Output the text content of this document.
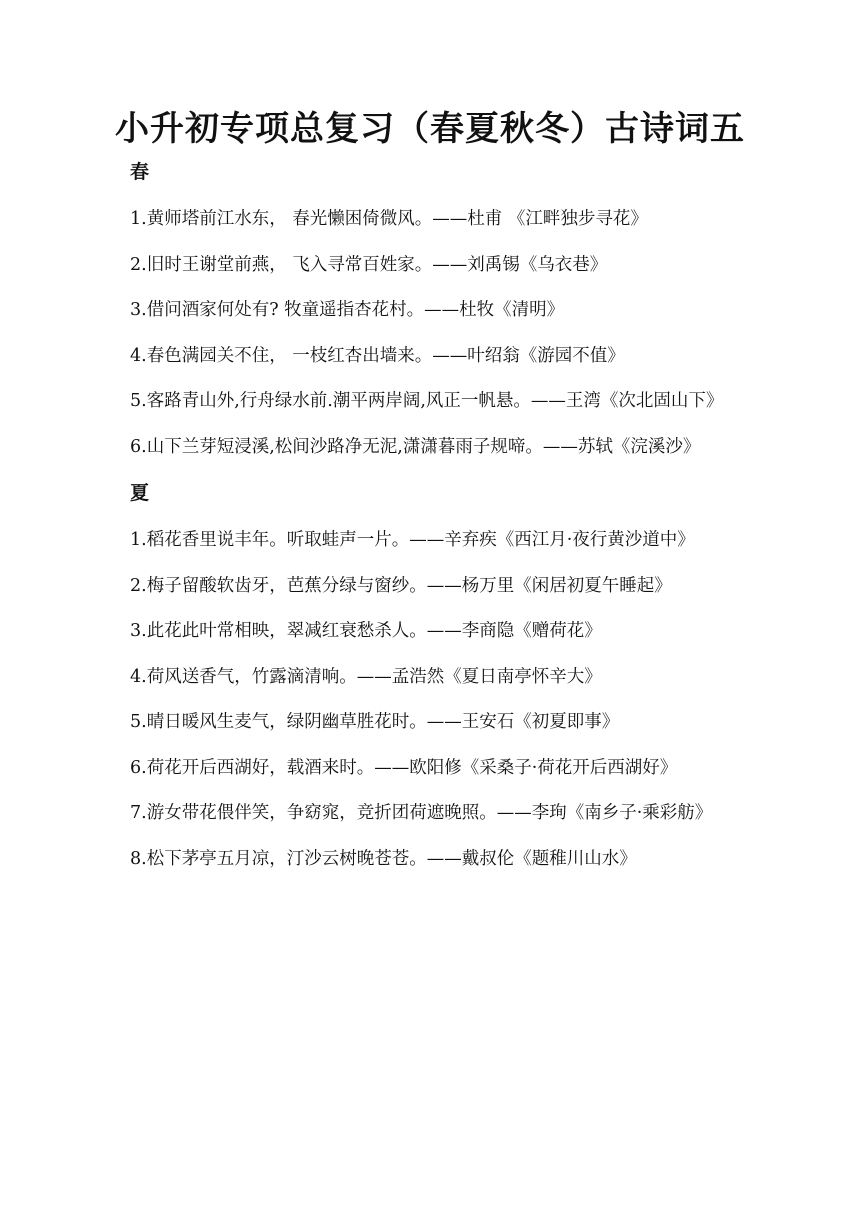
小升初专项总复习（春夏秋冬）古诗词五
春

1.黄师塔前江水东， 春光懒困倚微风。——杜甫 《江畔独步寻花》

2.旧时王谢堂前燕， 飞入寻常百姓家。——刘禹锡《乌衣巷》

3.借问酒家何处有? 牧童遥指杏花村。——杜牧《清明》

4.春色满园关不住， 一枝红杏出墙来。——叶绍翁《游园不值》

5.客路青山外,行舟绿水前.潮平两岸阔,风正一帆悬。——王湾《次北固山下》

6.山下兰芽短浸溪,松间沙路净无泥,潇潇暮雨子规啼。——苏轼《浣溪沙》

夏

1.稻花香里说丰年。听取蛙声一片。——辛弃疾《西江月·夜行黄沙道中》

2.梅子留酸软齿牙，芭蕉分绿与窗纱。——杨万里《闲居初夏午睡起》

3.此花此叶常相映，翠减红衰愁杀人。——李商隐《赠荷花》

4.荷风送香气，竹露滴清响。——孟浩然《夏日南亭怀辛大》

5.晴日暖风生麦气，绿阴幽草胜花时。——王安石《初夏即事》

6.荷花开后西湖好，载酒来时。——欧阳修《采桑子·荷花开后西湖好》

7.游女带花偎伴笑，争窈窕，竞折团荷遮晚照。——李珣《南乡子·乘彩舫》

8.松下茅亭五月凉，汀沙云树晚苍苍。——戴叔伦《题稚川山水》
